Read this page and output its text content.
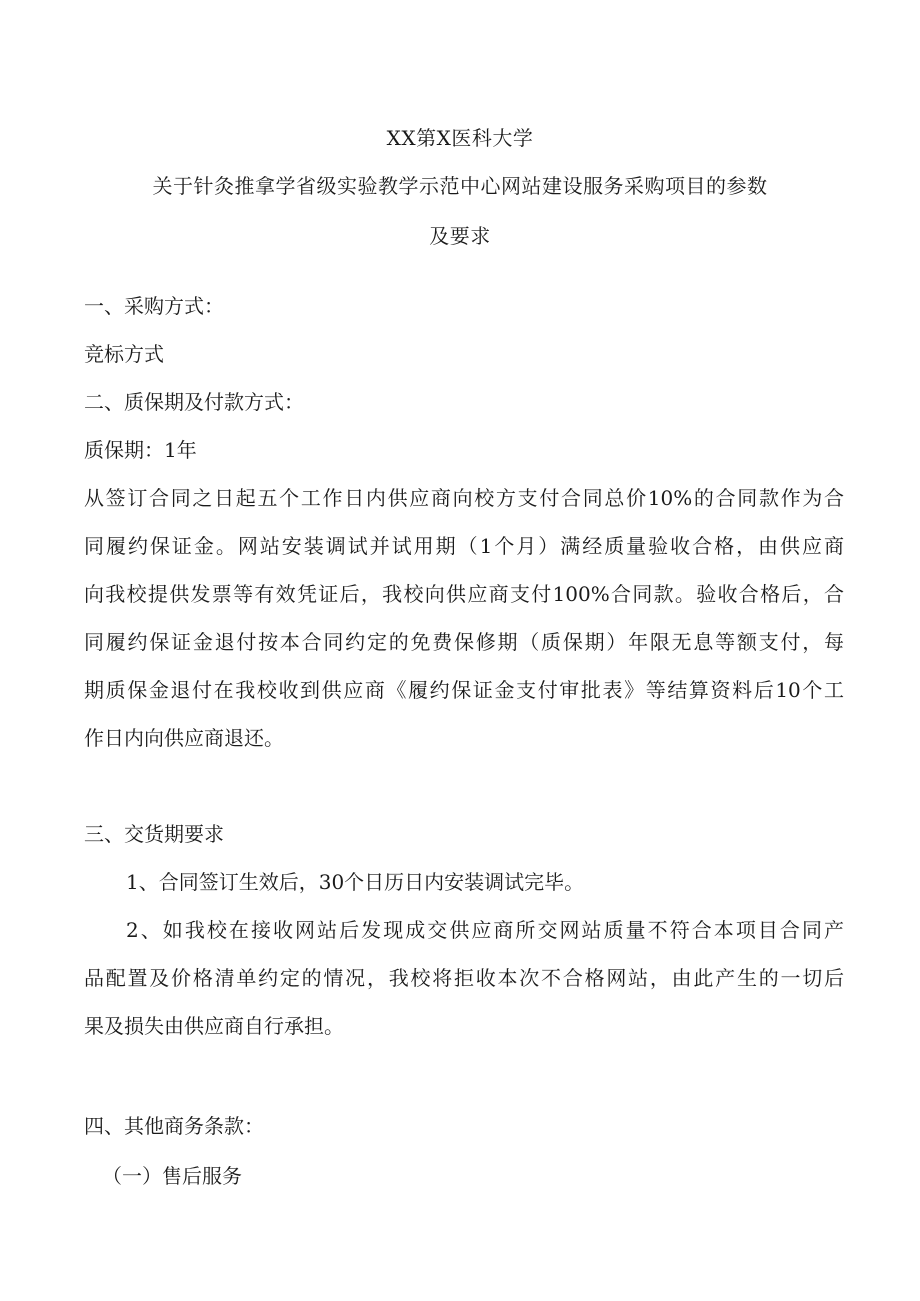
XX第X医科大学
关于针灸推拿学省级实验教学示范中心网站建设服务采购项目的参数
及要求
一、采购方式：
竞标方式
二、质保期及付款方式：
质保期：1年
从签订合同之日起五个工作日内供应商向校方支付合同总价10%的合同款作为合
同履约保证金。网站安装调试并试用期（1个月）满经质量验收合格，由供应商
向我校提供发票等有效凭证后，我校向供应商支付100%合同款。验收合格后，合
同履约保证金退付按本合同约定的免费保修期（质保期）年限无息等额支付，每
期质保金退付在我校收到供应商《履约保证金支付审批表》等结算资料后10个工
作日内向供应商退还。
三、交货期要求
1、合同签订生效后，30个日历日内安装调试完毕。
2、如我校在接收网站后发现成交供应商所交网站质量不符合本项目合同产
品配置及价格清单约定的情况，我校将拒收本次不合格网站，由此产生的一切后
果及损失由供应商自行承担。
四、其他商务条款：
（一）售后服务
